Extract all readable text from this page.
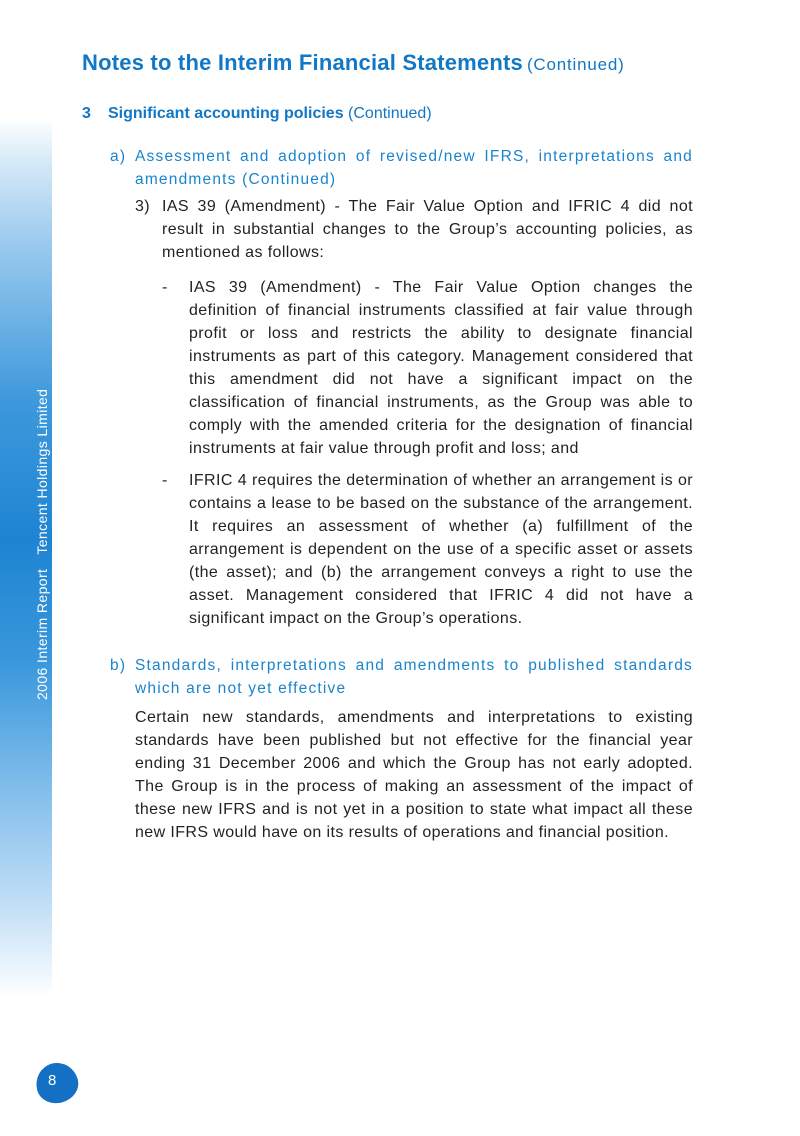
2006 Interim ReportTencent Holdings Limited
8
Notes to the Interim Financial Statements (Continued)
3 Significant accounting policies (Continued)
a) Assessment and adoption of revised/new IFRS, interpretations and amendments (Continued)
3) IAS 39 (Amendment) - The Fair Value Option and IFRIC 4 did not result in substantial changes to the Group’s accounting policies, as mentioned as follows:
- IAS 39 (Amendment) - The Fair Value Option changes the definition of financial instruments classified at fair value through profit or loss and restricts the ability to designate financial instruments as part of this category. Management considered that this amendment did not have a significant impact on the classification of financial instruments, as the Group was able to comply with the amended criteria for the designation of financial instruments at fair value through profit and loss; and
- IFRIC 4 requires the determination of whether an arrangement is or contains a lease to be based on the substance of the arrangement. It requires an assessment of whether (a) fulfillment of the arrangement is dependent on the use of a specific asset or assets (the asset); and (b) the arrangement conveys a right to use the asset. Management considered that IFRIC 4 did not have a significant impact on the Group’s operations.
b) Standards, interpretations and amendments to published standards which are not yet effective
Certain new standards, amendments and interpretations to existing standards have been published but not effective for the financial year ending 31 December 2006 and which the Group has not early adopted. The Group is in the process of making an assessment of the impact of these new IFRS and is not yet in a position to state what impact all these new IFRS would have on its results of operations and financial position.
